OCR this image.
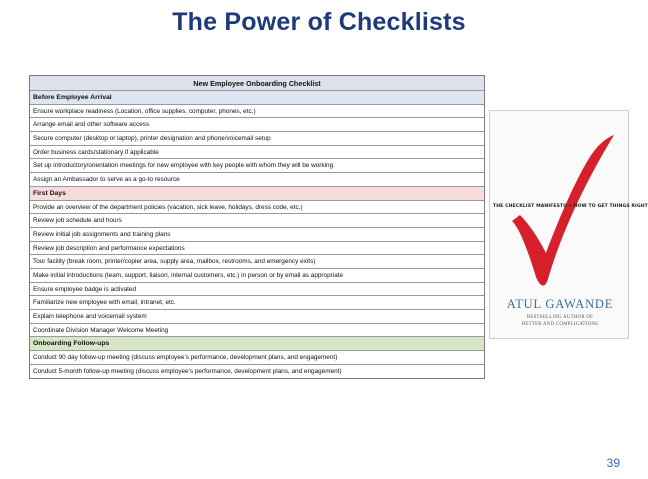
The Power of Checklists
New Employee Onboarding Checklist
Before Employee Arrival
Ensure workplace readiness (Location, office supplies, computer, phones, etc.)
Arrange email and other software access
Secure computer (desktop or laptop), printer designation and phone/voicemail setup
Order business cards/stationary if applicable
Set up introductory/orientation meetings for new employee with key people with whom they will be working
Assign an Ambassador to serve as a go-to resource
First Days
Provide an overview of the department policies (vacation, sick leave, holidays, dress code, etc.)
Review job schedule and hours
Review initial job assignments and training plans
Review job description and performance expectations
Tour facility (break room, printer/copier area, supply area, mailbox, restrooms, and emergency exits)
Make initial introductions (team, support, liaison, internal customers, etc.) in person or by email as appropriate
Ensure employee badge is activated
Familiarize new employee with email, intranet, etc.
Explain telephone and voicemail system
Coordinate Division Manager Welcome Meeting
Onboarding Follow-ups
Conduct 90 day follow-up meeting (discuss employee’s performance, development plans, and engagement)
Conduct 5-month follow-up meeting (discuss employee’s performance, development plans, and engagement)
THE CHECKLIST MANIFESTO • HOW TO GET THINGS RIGHT
ATUL GAWANDE
BESTSELLING AUTHOR OF
BETTER AND COMPLICATIONS
39
